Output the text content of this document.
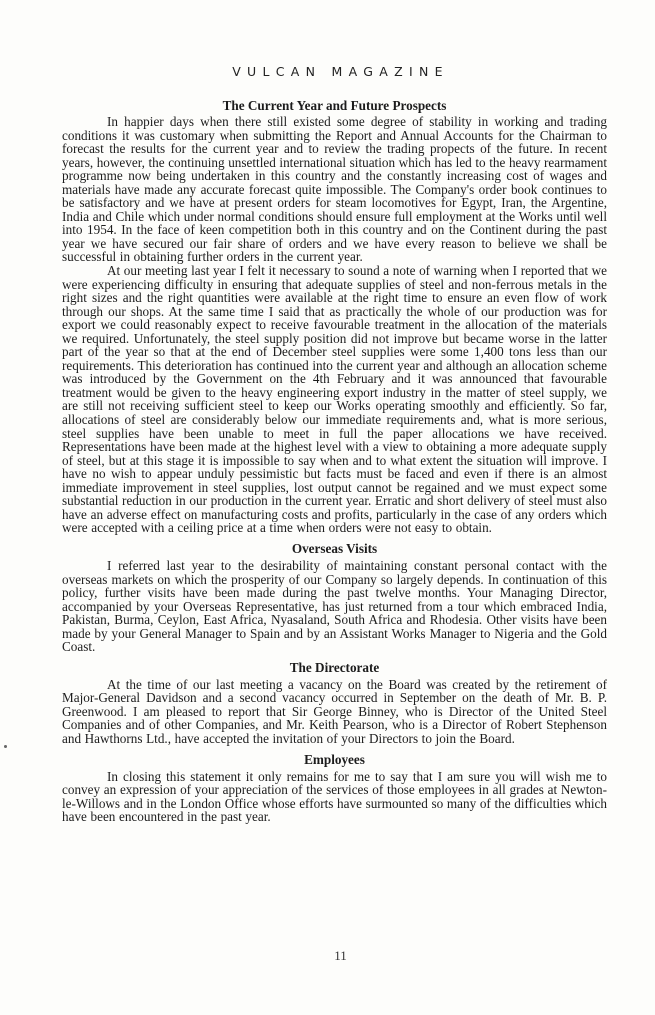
VULCAN MAGAZINE
The Current Year and Future Prospects

In happier days when there still existed some degree of stability in working and trading conditions it was customary when submitting the Report and Annual Accounts for the Chairman to forecast the results for the current year and to review the trading propects of the future. In recent years, however, the continuing unsettled international situation which has led to the heavy rearmament programme now being undertaken in this country and the constantly increasing cost of wages and materials have made any accurate forecast quite impossible. The Company's order book continues to be satisfactory and we have at present orders for steam locomotives for Egypt, Iran, the Argentine, India and Chile which under normal conditions should ensure full employment at the Works until well into 1954. In the face of keen competition both in this country and on the Continent during the past year we have secured our fair share of orders and we have every reason to believe we shall be successful in obtaining further orders in the current year.

At our meeting last year I felt it necessary to sound a note of warning when I reported that we were experiencing difficulty in ensuring that adequate supplies of steel and non-ferrous metals in the right sizes and the right quantities were available at the right time to ensure an even flow of work through our shops. At the same time I said that as practically the whole of our production was for export we could reasonably expect to receive favourable treatment in the allocation of the materials we required. Unfortunately, the steel supply position did not improve but became worse in the latter part of the year so that at the end of December steel supplies were some 1,400 tons less than our requirements. This deterioration has continued into the current year and although an allocation scheme was introduced by the Government on the 4th February and it was announced that favourable treatment would be given to the heavy engineering export industry in the matter of steel supply, we are still not receiving sufficient steel to keep our Works operating smoothly and efficiently. So far, allocations of steel are considerably below our immediate requirements and, what is more serious, steel supplies have been unable to meet in full the paper allocations we have received. Representations have been made at the highest level with a view to obtaining a more adequate supply of steel, but at this stage it is impossible to say when and to what extent the situation will improve. I have no wish to appear unduly pessimistic but facts must be faced and even if there is an almost immediate improvement in steel supplies, lost output cannot be regained and we must expect some substantial reduction in our production in the current year. Erratic and short delivery of steel must also have an adverse effect on manufacturing costs and profits, particularly in the case of any orders which were accepted with a ceiling price at a time when orders were not easy to obtain.

Overseas Visits

I referred last year to the desirability of maintaining constant personal contact with the overseas markets on which the prosperity of our Company so largely depends. In continuation of this policy, further visits have been made during the past twelve months. Your Managing Director, accompanied by your Overseas Representative, has just returned from a tour which embraced India, Pakistan, Burma, Ceylon, East Africa, Nyasaland, South Africa and Rhodesia. Other visits have been made by your General Manager to Spain and by an Assistant Works Manager to Nigeria and the Gold Coast.

The Directorate

At the time of our last meeting a vacancy on the Board was created by the retirement of Major-General Davidson and a second vacancy occurred in September on the death of Mr. B. P. Greenwood. I am pleased to report that Sir George Binney, who is Director of the United Steel Companies and of other Companies, and Mr. Keith Pearson, who is a Director of Robert Stephenson and Hawthorns Ltd., have accepted the invitation of your Directors to join the Board.

Employees

In closing this statement it only remains for me to say that I am sure you will wish me to convey an expression of your appreciation of the services of those employees in all grades at Newton-le-Willows and in the London Office whose efforts have surmounted so many of the difficulties which have been encountered in the past year.

11
